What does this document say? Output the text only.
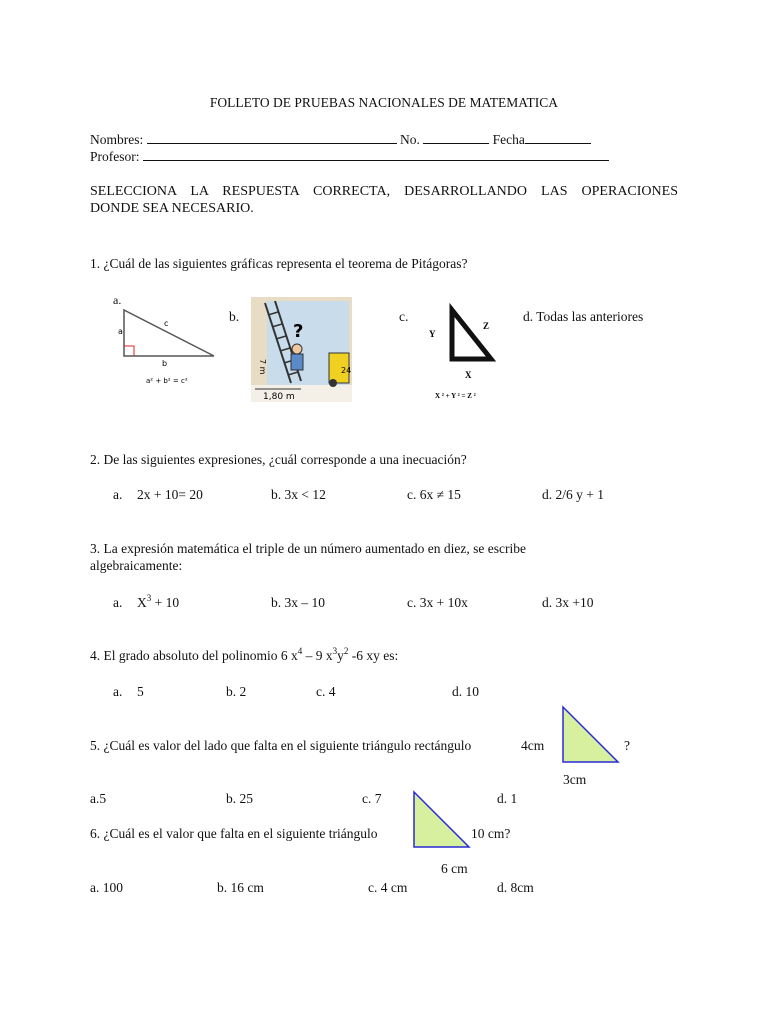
FOLLETO DE PRUEBAS NACIONALES DE MATEMATICA
Nombres:	No.	Fecha
Profesor:
SELECCIONA LA RESPUESTA CORRECTA, DESARROLLANDO LAS OPERACIONES
DONDE SEA NECESARIO.
1. ¿Cuál de las siguientes gráficas representa el teorema de Pitágoras?
a.
a
c
b
a² + b² = c²
b.
24
?
7 m
1,80 m
c.
Y
Z
X
X ² + Y ² = Z ²
d. Todas las anteriores
2. De las siguientes expresiones, ¿cuál corresponde a una inecuación?
a. 2x + 10= 20	b. 3x < 12	c. 6x ≠ 15	d. 2/6 y + 1
3. La expresión matemática el triple de un número aumentado en diez, se escribe
algebraicamente:
a. $X^3 + 10$	b. 3x – 10	c. 3x + 10x	d. 3x +10
4. El grado absoluto del polinomio 6 $x^4 - 9$ $x^3y^2$ -6 xy es:
a. 5	b. 2	c. 4	d. 10
5. ¿Cuál es valor del lado que falta en el siguiente triángulo rectángulo	4cm	?
3cm
a.5	b. 25	c. 7	d. 1
6. ¿Cuál es el valor que falta en el siguiente triángulo	10 cm?
6 cm
a. 100	b. 16 cm	c. 4 cm	d. 8cm
